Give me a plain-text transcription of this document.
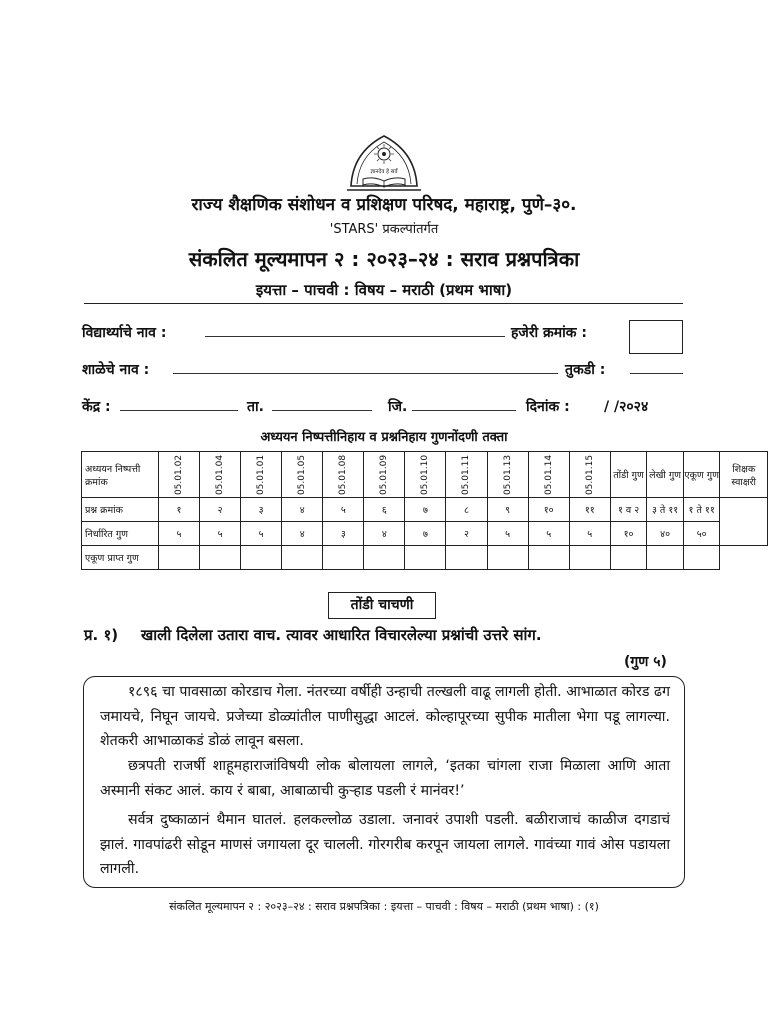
ज्ञानदेव हे सर्वं
राज्य शैक्षणिक संशोधन व प्रशिक्षण परिषद, महाराष्ट्र, पुणे–३०.
'STARS' प्रकल्पांतर्गत
संकलित मूल्यमापन २ : २०२३–२४ : सराव प्रश्नपत्रिका
इयत्ता – पाचवी : विषय – मराठी (प्रथम भाषा)
विद्यार्थ्याचे नाव :	हजेरी क्रमांक :
शाळेचे नाव :	तुकडी :
केंद्र :	ता.	जि.	दिनांक : / /२०२४
अध्ययन निष्पत्तीनिहाय व प्रश्ननिहाय गुणनोंदणी तक्ता
अध्ययन निष्पत्ती क्रमांक	05.01.02	05.01.04	05.01.01	05.01.05	05.01.08	05.01.09	05.01.10	05.01.11	05.01.13	05.01.14	05.01.15	तोंडी गुण	लेखी गुण	एकूण गुण	शिक्षक स्वाक्षरी
प्रश्न क्रमांक	१	२	३	४	५	६	७	८	९	१०	११	१ व २	३ ते ११	१ ते ११	
निर्धारित गुण	५	५	५	४	३	४	७	२	५	५	५	१०	४०	५०	
एकूण प्राप्त गुण															
तोंडी चाचणी
प्र. १) खाली दिलेला उतारा वाच. त्यावर आधारित विचारलेल्या प्रश्नांची उत्तरे सांग.
(गुण ५)
१८९६ चा पावसाळा कोरडाच गेला. नंतरच्या वर्षीही उन्हाची तल्खली वाढू लागली होती. आभाळात कोरड ढग जमायचे, निघून जायचे. प्रजेच्या डोळ्यांतील पाणीसुद्धा आटलं. कोल्हापूरच्या सुपीक मातीला भेगा पडू लागल्या. शेतकरी आभाळाकडं डोळं लावून बसला.
छत्रपती राजर्षी शाहूमहाराजांविषयी लोक बोलायला लागले, ‘इतका चांगला राजा मिळाला आणि आता अस्मानी संकट आलं. काय रं बाबा, आबाळाची कुऱ्हाड पडली रं मानंवर!’
सर्वत्र दुष्काळानं थैमान घातलं. हलकल्लोळ उडाला. जनावरं उपाशी पडली. बळीराजाचं काळीज दगडाचं झालं. गावपांढरी सोडून माणसं जगायला दूर चालली. गोरगरीब करपून जायला लागले. गावंच्या गावं ओस पडायला लागली.
संकलित मूल्यमापन २ : २०२३–२४ : सराव प्रश्नपत्रिका : इयत्ता – पाचवी : विषय – मराठी (प्रथम भाषा) : (१)
